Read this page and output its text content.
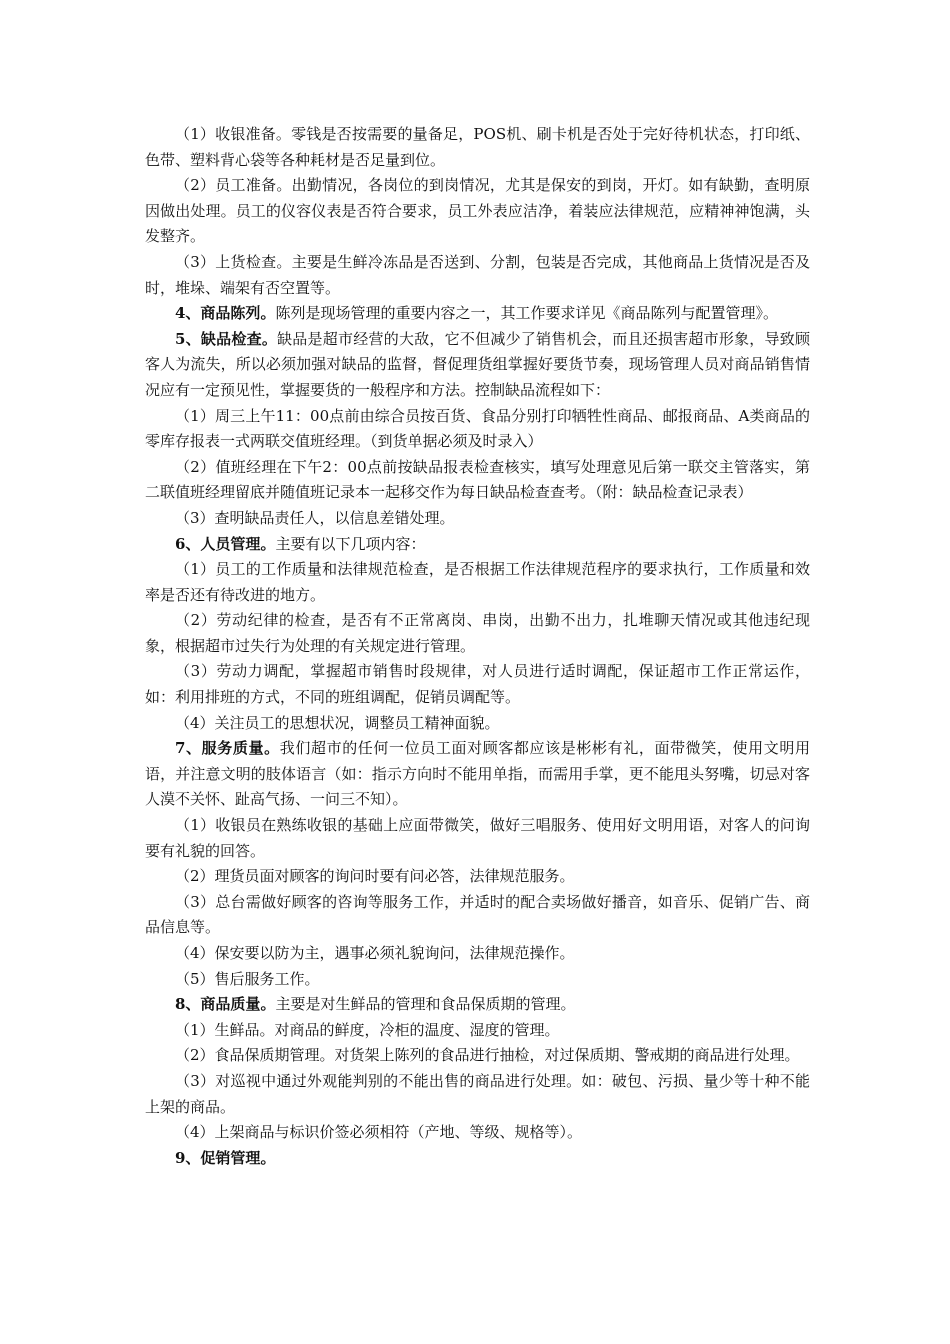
（1）收银准备。零钱是否按需要的量备足，POS机、刷卡机是否处于完好待机状态，打印纸、色带、塑料背心袋等各种耗材是否足量到位。

（2）员工准备。出勤情况，各岗位的到岗情况，尤其是保安的到岗，开灯。如有缺勤，查明原因做出处理。员工的仪容仪表是否符合要求，员工外表应洁净，着装应法律规范，应精神神饱满，头发整齐。

（3）上货检查。主要是生鲜冷冻品是否送到、分割，包装是否完成，其他商品上货情况是否及时，堆垛、端架有否空置等。

4、商品陈列。陈列是现场管理的重要内容之一，其工作要求详见《商品陈列与配置管理》。

5、缺品检查。缺品是超市经营的大敌，它不但减少了销售机会，而且还损害超市形象，导致顾客人为流失，所以必须加强对缺品的监督，督促理货组掌握好要货节奏，现场管理人员对商品销售情况应有一定预见性，掌握要货的一般程序和方法。控制缺品流程如下：

（1）周三上午11：00点前由综合员按百货、食品分别打印牺牲性商品、邮报商品、A类商品的零库存报表一式两联交值班经理。（到货单据必须及时录入）

（2）值班经理在下午2：00点前按缺品报表检查核实，填写处理意见后第一联交主管落实，第二联值班经理留底并随值班记录本一起移交作为每日缺品检查查考。（附：缺品检查记录表）

（3）查明缺品责任人，以信息差错处理。

6、人员管理。主要有以下几项内容：

（1）员工的工作质量和法律规范检查，是否根据工作法律规范程序的要求执行，工作质量和效率是否还有待改进的地方。

（2）劳动纪律的检查，是否有不正常离岗、串岗，出勤不出力，扎堆聊天情况或其他违纪现象，根据超市过失行为处理的有关规定进行管理。

（3）劳动力调配，掌握超市销售时段规律，对人员进行适时调配，保证超市工作正常运作，如：利用排班的方式，不同的班组调配，促销员调配等。

（4）关注员工的思想状况，调整员工精神面貌。

7、服务质量。我们超市的任何一位员工面对顾客都应该是彬彬有礼，面带微笑，使用文明用语，并注意文明的肢体语言（如：指示方向时不能用单指，而需用手掌，更不能甩头努嘴，切忌对客人漠不关怀、趾高气扬、一问三不知）。

（1）收银员在熟练收银的基础上应面带微笑，做好三唱服务、使用好文明用语，对客人的问询要有礼貌的回答。

（2）理货员面对顾客的询问时要有问必答，法律规范服务。

（3）总台需做好顾客的咨询等服务工作，并适时的配合卖场做好播音，如音乐、促销广告、商品信息等。

（4）保安要以防为主，遇事必须礼貌询问，法律规范操作。

（5）售后服务工作。

8、商品质量。主要是对生鲜品的管理和食品保质期的管理。

（1）生鲜品。对商品的鲜度，冷柜的温度、湿度的管理。

（2）食品保质期管理。对货架上陈列的食品进行抽检，对过保质期、警戒期的商品进行处理。

（3）对巡视中通过外观能判别的不能出售的商品进行处理。如：破包、污损、量少等十种不能上架的商品。

（4）上架商品与标识价签必须相符（产地、等级、规格等）。

9、促销管理。
